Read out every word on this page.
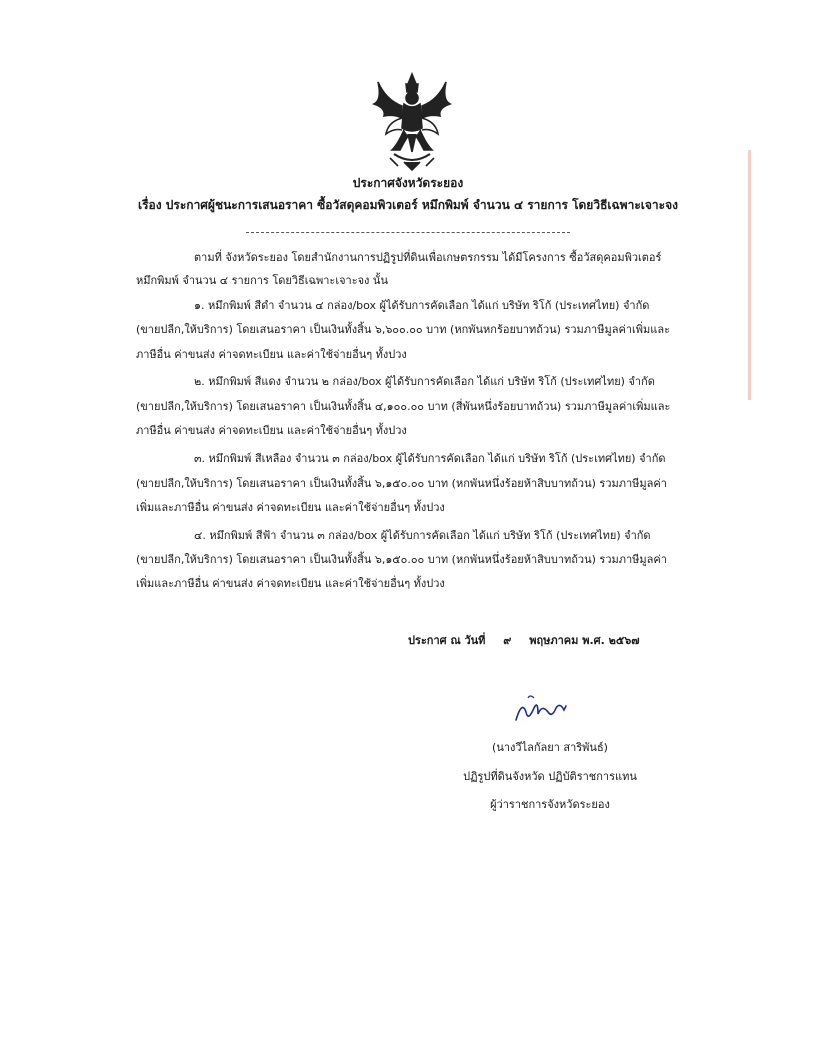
ประกาศจังหวัดระยอง
เรื่อง ประกาศผู้ชนะการเสนอราคา ซื้อวัสดุคอมพิวเตอร์ หมึกพิมพ์ จำนวน ๔ รายการ โดยวิธีเฉพาะเจาะจง
ตามที่ จังหวัดระยอง โดยสำนักงานการปฏิรูปที่ดินเพื่อเกษตรกรรม ได้มีโครงการ ซื้อวัสดุคอมพิวเตอร์
หมึกพิมพ์ จำนวน ๔ รายการ โดยวิธีเฉพาะเจาะจง นั้น
๑. หมึกพิมพ์ สีดำ จำนวน ๔ กล่อง/box ผู้ได้รับการคัดเลือก ได้แก่ บริษัท ริโก้ (ประเทศไทย) จำกัด
(ขายปลีก,ให้บริการ) โดยเสนอราคา เป็นเงินทั้งสิ้น ๖,๖๐๐.๐๐ บาท (หกพันหกร้อยบาทถ้วน) รวมภาษีมูลค่าเพิ่มและ
ภาษีอื่น ค่าขนส่ง ค่าจดทะเบียน และค่าใช้จ่ายอื่นๆ ทั้งปวง
๒. หมึกพิมพ์ สีแดง จำนวน ๒ กล่อง/box ผู้ได้รับการคัดเลือก ได้แก่ บริษัท ริโก้ (ประเทศไทย) จำกัด
(ขายปลีก,ให้บริการ) โดยเสนอราคา เป็นเงินทั้งสิ้น ๔,๑๐๐.๐๐ บาท (สี่พันหนึ่งร้อยบาทถ้วน) รวมภาษีมูลค่าเพิ่มและ
ภาษีอื่น ค่าขนส่ง ค่าจดทะเบียน และค่าใช้จ่ายอื่นๆ ทั้งปวง
๓. หมึกพิมพ์ สีเหลือง จำนวน ๓ กล่อง/box ผู้ได้รับการคัดเลือก ได้แก่ บริษัท ริโก้ (ประเทศไทย) จำกัด
(ขายปลีก,ให้บริการ) โดยเสนอราคา เป็นเงินทั้งสิ้น ๖,๑๕๐.๐๐ บาท (หกพันหนึ่งร้อยห้าสิบบาทถ้วน) รวมภาษีมูลค่า
เพิ่มและภาษีอื่น ค่าขนส่ง ค่าจดทะเบียน และค่าใช้จ่ายอื่นๆ ทั้งปวง
๔. หมึกพิมพ์ สีฟ้า จำนวน ๓ กล่อง/box ผู้ได้รับการคัดเลือก ได้แก่ บริษัท ริโก้ (ประเทศไทย) จำกัด
(ขายปลีก,ให้บริการ) โดยเสนอราคา เป็นเงินทั้งสิ้น ๖,๑๕๐.๐๐ บาท (หกพันหนึ่งร้อยห้าสิบบาทถ้วน) รวมภาษีมูลค่า
เพิ่มและภาษีอื่น ค่าขนส่ง ค่าจดทะเบียน และค่าใช้จ่ายอื่นๆ ทั้งปวง
ประกาศ ณ วันที่ ๙ พฤษภาคม พ.ศ. ๒๕๖๗
(นางวีไลกัลยา สาริพันธ์)
ปฏิรูปที่ดินจังหวัด ปฏิบัติราชการแทน
ผู้ว่าราชการจังหวัดระยอง
